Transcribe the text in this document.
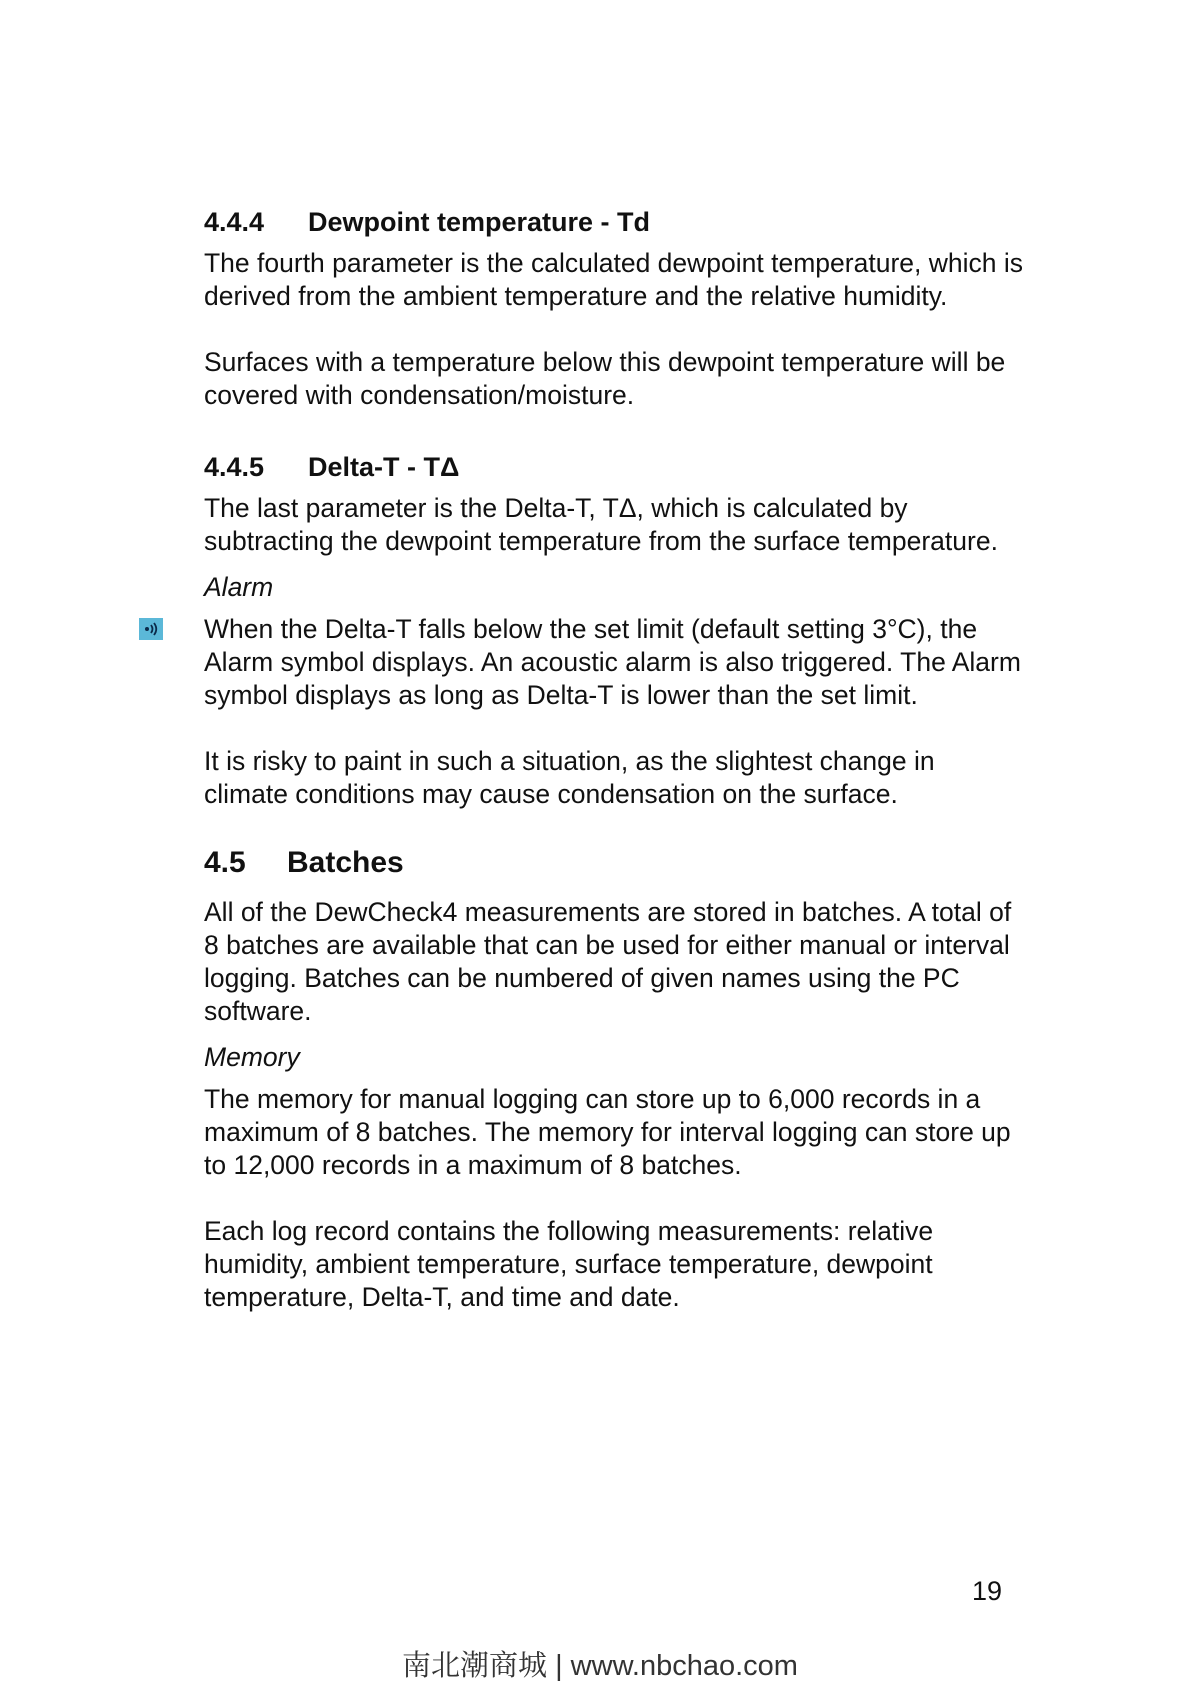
4.4.4 Dewpoint temperature - Td

The fourth parameter is the calculated dewpoint temperature, which is derived from the ambient temperature and the relative humidity.

Surfaces with a temperature below this dewpoint temperature will be covered with condensation/moisture.

4.4.5 Delta-T - TΔ

The last parameter is the Delta-T, TΔ, which is calculated by subtracting the dewpoint temperature from the surface temperature.

Alarm

When the Delta-T falls below the set limit (default setting 3°C), the Alarm symbol displays. An acoustic alarm is also triggered. The Alarm symbol displays as long as Delta-T is lower than the set limit.

It is risky to paint in such a situation, as the slightest change in climate conditions may cause condensation on the surface.

4.5 Batches

All of the DewCheck4 measurements are stored in batches. A total of 8 batches are available that can be used for either manual or interval logging. Batches can be numbered of given names using the PC software.

Memory

The memory for manual logging can store up to 6,000 records in a maximum of 8 batches. The memory for interval logging can store up to 12,000 records in a maximum of 8 batches.

Each log record contains the following measurements: relative humidity, ambient temperature, surface temperature, dewpoint temperature, Delta-T, and time and date.

19
南北潮商城 | www.nbchao.com
